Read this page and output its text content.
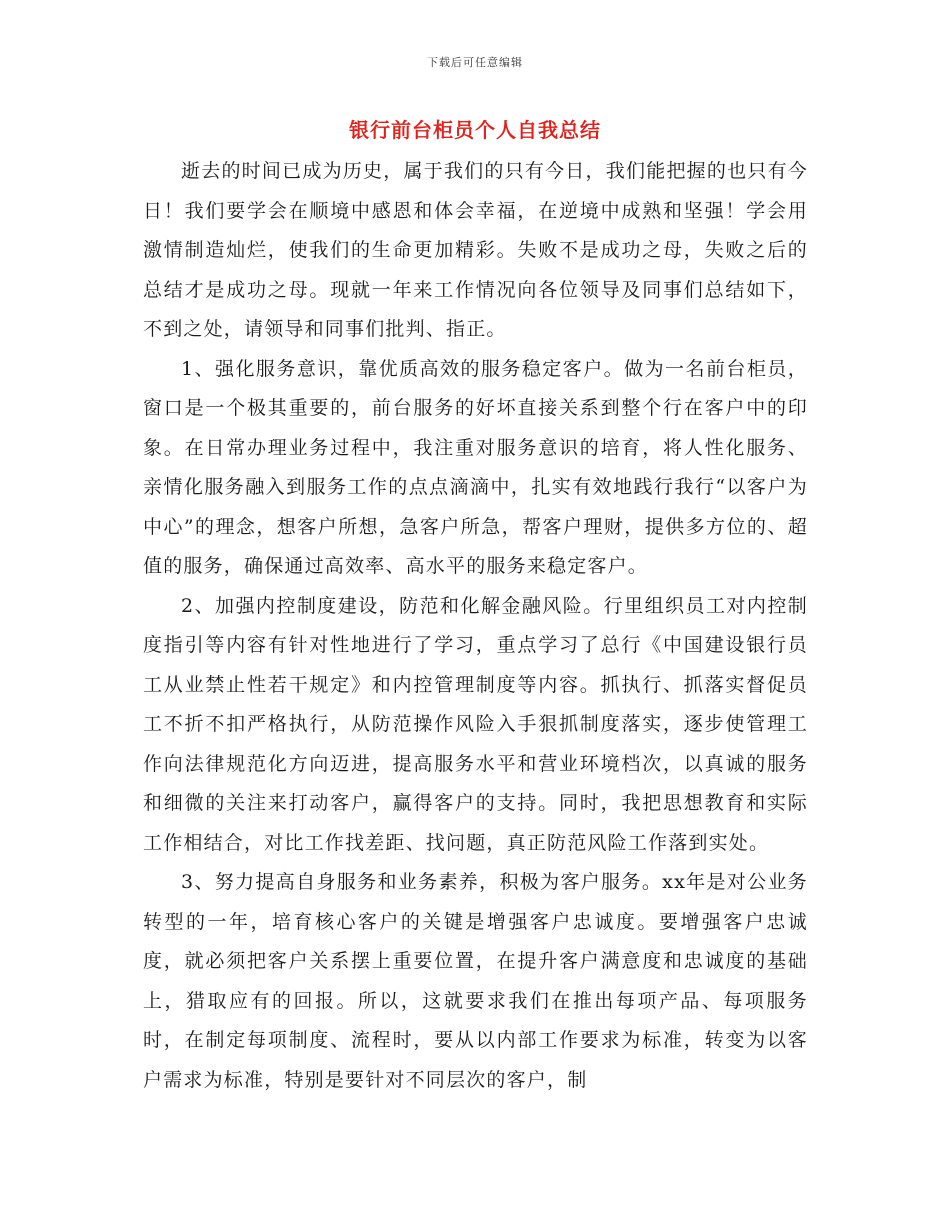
下载后可任意编辑
银行前台柜员个人自我总结

逝去的时间已成为历史，属于我们的只有今日，我们能把握的也只有今日！我们要学会在顺境中感恩和体会幸福，在逆境中成熟和坚强！学会用激情制造灿烂，使我们的生命更加精彩。失败不是成功之母，失败之后的总结才是成功之母。现就一年来工作情况向各位领导及同事们总结如下，不到之处，请领导和同事们批判、指正。

1、强化服务意识，靠优质高效的服务稳定客户。做为一名前台柜员，窗口是一个极其重要的，前台服务的好坏直接关系到整个行在客户中的印象。在日常办理业务过程中，我注重对服务意识的培育，将人性化服务、亲情化服务融入到服务工作的点点滴滴中，扎实有效地践行我行“以客户为中心”的理念，想客户所想，急客户所急，帮客户理财，提供多方位的、超值的服务，确保通过高效率、高水平的服务来稳定客户。

2、加强内控制度建设，防范和化解金融风险。行里组织员工对内控制度指引等内容有针对性地进行了学习，重点学习了总行《中国建设银行员工从业禁止性若干规定》和内控管理制度等内容。抓执行、抓落实督促员工不折不扣严格执行，从防范操作风险入手狠抓制度落实，逐步使管理工作向法律规范化方向迈进，提高服务水平和营业环境档次，以真诚的服务和细微的关注来打动客户，赢得客户的支持。同时，我把思想教育和实际工作相结合，对比工作找差距、找问题，真正防范风险工作落到实处。

3、努力提高自身服务和业务素养，积极为客户服务。xx年是对公业务转型的一年，培育核心客户的关键是增强客户忠诚度。要增强客户忠诚度，就必须把客户关系摆上重要位置，在提升客户满意度和忠诚度的基础上，猎取应有的回报。所以，这就要求我们在推出每项产品、每项服务时，在制定每项制度、流程时，要从以内部工作要求为标准，转变为以客户需求为标准，特别是要针对不同层次的客户，制
